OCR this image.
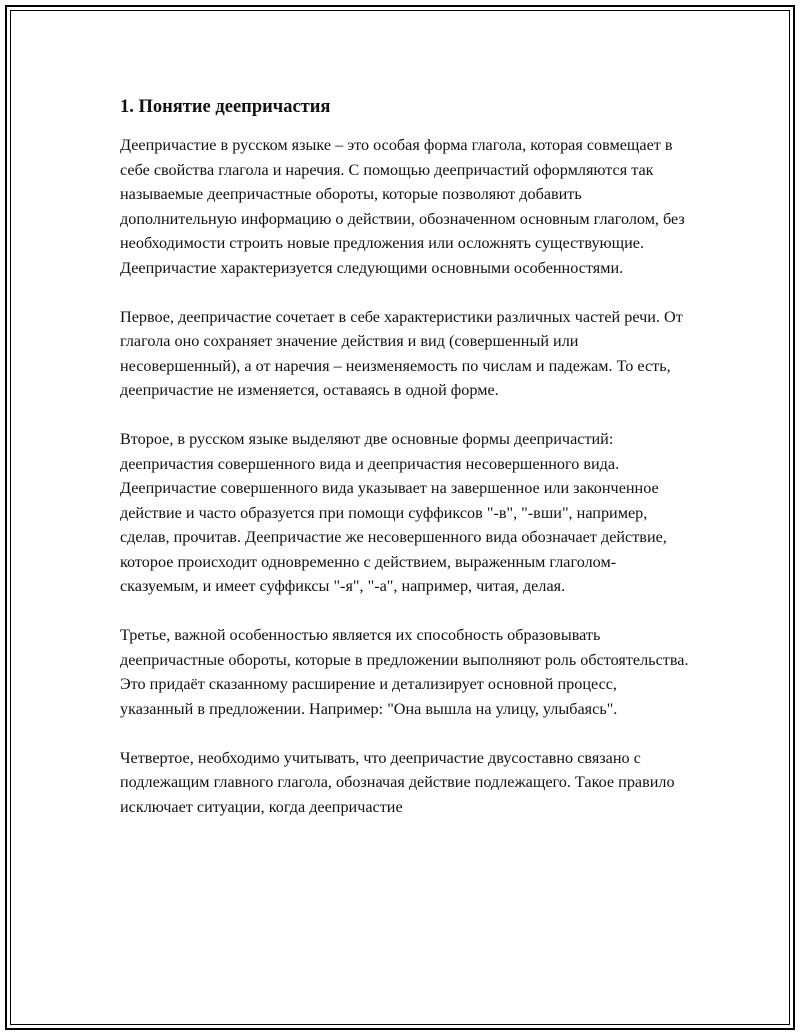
1. Понятие деепричастия

Деепричастие в русском языке – это особая форма глагола, которая совмещает в себе свойства глагола и наречия. С помощью деепричастий оформляются так называемые деепричастные обороты, которые позволяют добавить дополнительную информацию о действии, обозначенном основным глаголом, без необходимости строить новые предложения или осложнять существующие. Деепричастие характеризуется следующими основными особенностями.

Первое, деепричастие сочетает в себе характеристики различных частей речи. От глагола оно сохраняет значение действия и вид (совершенный или несовершенный), а от наречия – неизменяемость по числам и падежам. То есть, деепричастие не изменяется, оставаясь в одной форме.

Второе, в русском языке выделяют две основные формы деепричастий: деепричастия совершенного вида и деепричастия несовершенного вида. Деепричастие совершенного вида указывает на завершенное или законченное действие и часто образуется при помощи суффиксов "-в", "-вши", например, сделав, прочитав. Деепричастие же несовершенного вида обозначает действие, которое происходит одновременно с действием, выраженным глаголом-сказуемым, и имеет суффиксы "-я", "-а", например, читая, делая.

Третье, важной особенностью является их способность образовывать деепричастные обороты, которые в предложении выполняют роль обстоятельства. Это придаёт сказанному расширение и детализирует основной процесс, указанный в предложении. Например: "Она вышла на улицу, улыбаясь".

Четвертое, необходимо учитывать, что деепричастие двусоставно связано с подлежащим главного глагола, обозначая действие подлежащего. Такое правило исключает ситуации, когда деепричастие
